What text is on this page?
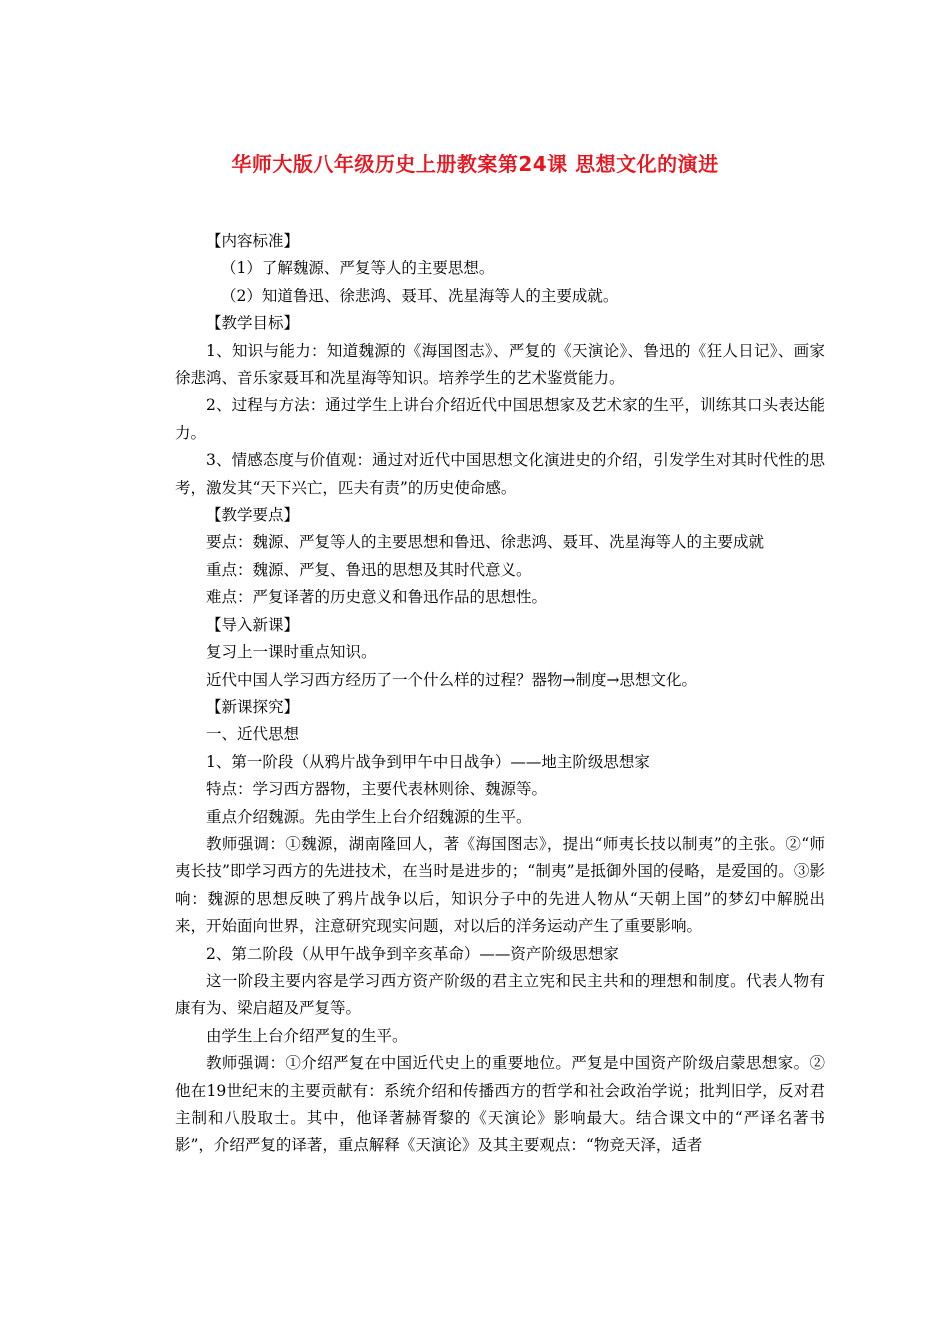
华师大版八年级历史上册教案第24课 思想文化的演进
【内容标准】
（1）了解魏源、严复等人的主要思想。
（2）知道鲁迅、徐悲鸿、聂耳、冼星海等人的主要成就。
【教学目标】
1、知识与能力：知道魏源的《海国图志》、严复的《天演论》、鲁迅的《狂人日记》、画家徐悲鸿、音乐家聂耳和冼星海等知识。培养学生的艺术鉴赏能力。
2、过程与方法：通过学生上讲台介绍近代中国思想家及艺术家的生平，训练其口头表达能力。
3、情感态度与价值观：通过对近代中国思想文化演进史的介绍，引发学生对其时代性的思考，激发其“天下兴亡，匹夫有责”的历史使命感。
【教学要点】
要点：魏源、严复等人的主要思想和鲁迅、徐悲鸿、聂耳、冼星海等人的主要成就
重点：魏源、严复、鲁迅的思想及其时代意义。
难点：严复译著的历史意义和鲁迅作品的思想性。
【导入新课】
复习上一课时重点知识。
近代中国人学习西方经历了一个什么样的过程？器物→制度→思想文化。
【新课探究】
一、近代思想
1、第一阶段（从鸦片战争到甲午中日战争）——地主阶级思想家
特点：学习西方器物，主要代表林则徐、魏源等。
重点介绍魏源。先由学生上台介绍魏源的生平。
教师强调：①魏源，湖南隆回人，著《海国图志》，提出“师夷长技以制夷”的主张。②“师夷长技”即学习西方的先进技术，在当时是进步的；“制夷”是抵御外国的侵略，是爱国的。③影响：魏源的思想反映了鸦片战争以后，知识分子中的先进人物从“天朝上国”的梦幻中解脱出来，开始面向世界，注意研究现实问题，对以后的洋务运动产生了重要影响。
2、第二阶段（从甲午战争到辛亥革命）——资产阶级思想家
这一阶段主要内容是学习西方资产阶级的君主立宪和民主共和的理想和制度。代表人物有康有为、梁启超及严复等。
由学生上台介绍严复的生平。
教师强调：①介绍严复在中国近代史上的重要地位。严复是中国资产阶级启蒙思想家。②他在19世纪末的主要贡献有：系统介绍和传播西方的哲学和社会政治学说；批判旧学，反对君主制和八股取士。其中，他译著赫胥黎的《天演论》影响最大。结合课文中的“严译名著书影”，介绍严复的译著，重点解释《天演论》及其主要观点：“物竞天泽，适者
